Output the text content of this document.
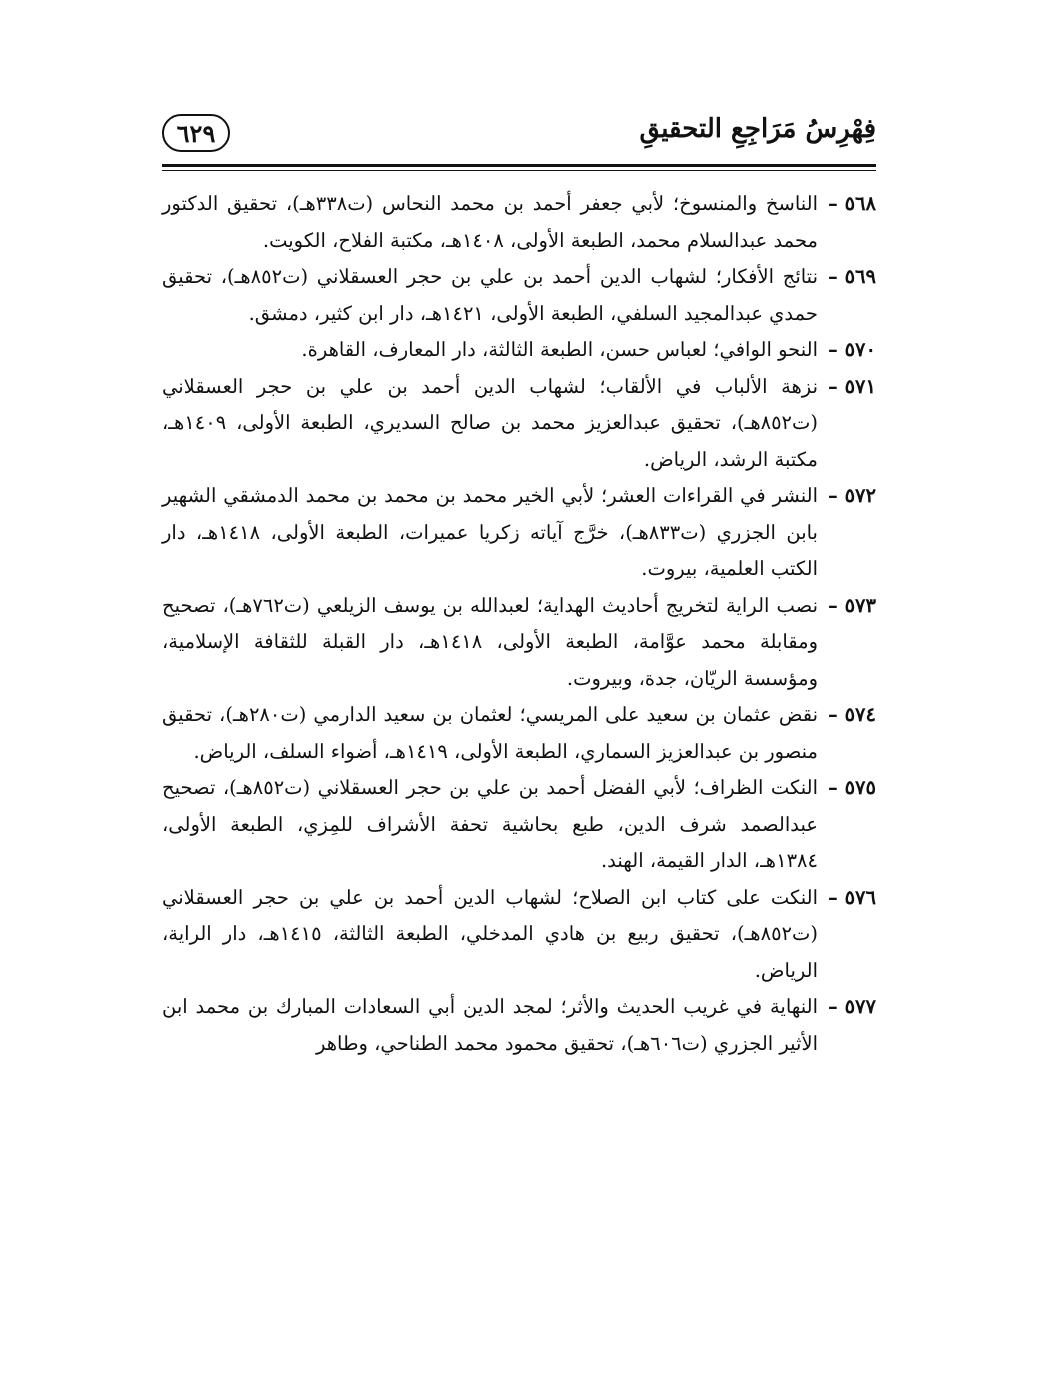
٦٢٩	فِهْرِسُ مَرَاجِعِ التحقيقِ
٥٦٨ –
الناسخ والمنسوخ؛ لأبي جعفر أحمد بن محمد النحاس (ت٣٣٨هـ)، تحقيق الدكتور محمد عبدالسلام محمد، الطبعة الأولى، ١٤٠٨هـ، مكتبة الفلاح، الكويت.
٥٦٩ –
نتائج الأفكار؛ لشهاب الدين أحمد بن علي بن حجر العسقلاني (ت٨٥٢هـ)، تحقيق حمدي عبدالمجيد السلفي، الطبعة الأولى، ١٤٢١هـ، دار ابن كثير، دمشق.
٥٧٠ –
النحو الوافي؛ لعباس حسن، الطبعة الثالثة، دار المعارف، القاهرة.
٥٧١ –
نزهة الألباب في الألقاب؛ لشهاب الدين أحمد بن علي بن حجر العسقلاني (ت٨٥٢هـ)، تحقيق عبدالعزيز محمد بن صالح السديري، الطبعة الأولى، ١٤٠٩هـ، مكتبة الرشد، الرياض.
٥٧٢ –
النشر في القراءات العشر؛ لأبي الخير محمد بن محمد بن محمد الدمشقي الشهير بابن الجزري (ت٨٣٣هـ)، خرَّج آياته زكريا عميرات، الطبعة الأولى، ١٤١٨هـ، دار الكتب العلمية، بيروت.
٥٧٣ –
نصب الراية لتخريج أحاديث الهداية؛ لعبدالله بن يوسف الزيلعي (ت٧٦٢هـ)، تصحيح ومقابلة محمد عوَّامة، الطبعة الأولى، ١٤١٨هـ، دار القبلة للثقافة الإسلامية، ومؤسسة الريّان، جدة، وبيروت.
٥٧٤ –
نقض عثمان بن سعيد على المريسي؛ لعثمان بن سعيد الدارمي (ت٢٨٠هـ)، تحقيق منصور بن عبدالعزيز السماري، الطبعة الأولى، ١٤١٩هـ، أضواء السلف، الرياض.
٥٧٥ –
النكت الظراف؛ لأبي الفضل أحمد بن علي بن حجر العسقلاني (ت٨٥٢هـ)، تصحيح عبدالصمد شرف الدين، طبع بحاشية تحفة الأشراف للمِزي، الطبعة الأولى، ١٣٨٤هـ، الدار القيمة، الهند.
٥٧٦ –
النكت على كتاب ابن الصلاح؛ لشهاب الدين أحمد بن علي بن حجر العسقلاني (ت٨٥٢هـ)، تحقيق ربيع بن هادي المدخلي، الطبعة الثالثة، ١٤١٥هـ، دار الراية، الرياض.
٥٧٧ –
النهاية في غريب الحديث والأثر؛ لمجد الدين أبي السعادات المبارك بن محمد ابن الأثير الجزري (ت٦٠٦هـ)، تحقيق محمود محمد الطناحي، وطاهر
